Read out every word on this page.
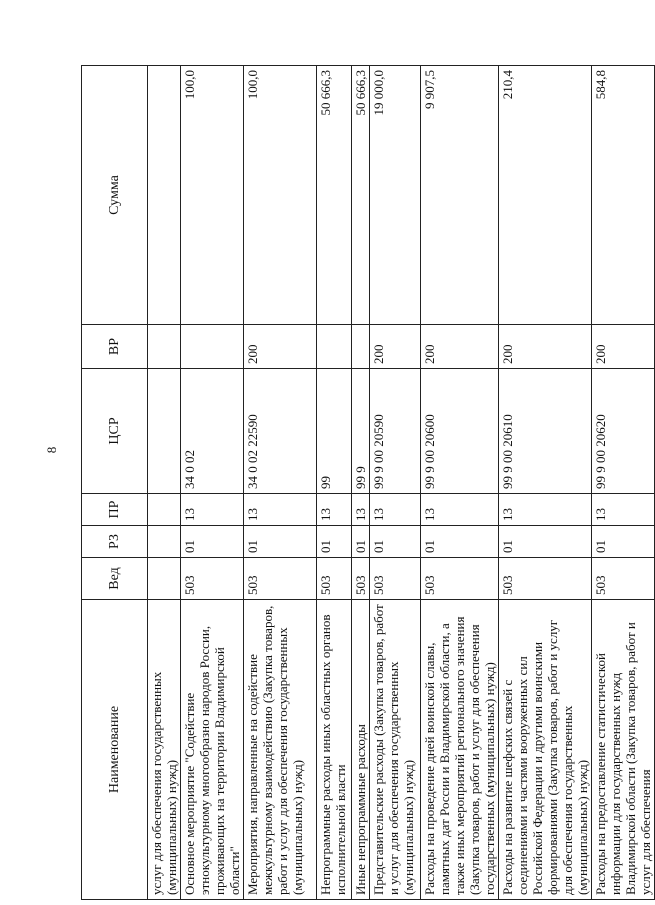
8
Наименование	Вед	РЗ	ПР	ЦСР	ВР	Сумма
услуг для обеспечения государственных (муниципальных) нужд)						
Основное мероприятие "Содействие этнокультурному многообразно народов России, проживающих на территории Владимирской области"	503	01	13	34 0 02		100,0
Мероприятия, направленные на содействие межкультурному взаимодействию (Закупка товаров, работ и услуг для обеспечения государственных (муниципальных) нужд)	503	01	13	34 0 02 22590	200	100,0
Непрограммные расходы иных областных органов исполнительной власти	503	01	13	99		50 666,3
Иные непрограммные расходы	503	01	13	99 9		50 666,3
Представительские расходы (Закупка товаров, работ и услуг для обеспечения государственных (муниципальных) нужд)	503	01	13	99 9 00 20590	200	19 000,0
Расходы на проведение дней воинской славы, памятных дат России и Владимирской области, а также иных мероприятий регионального значения (Закупка товаров, работ и услуг для обеспечения государственных (муниципальных) нужд)	503	01	13	99 9 00 20600	200	9 907,5
Расходы на развитие шефских связей с соединениями и частями вооруженных сил Российской Федерации и другими воинскими формированиями (Закупка товаров, работ и услуг для обеспечения государственных (муниципальных) нужд)	503	01	13	99 9 00 20610	200	210,4
Расходы на предоставление статистической информации для государственных нужд Владимирской области (Закупка товаров, работ и услуг для обеспечения	503	01	13	99 9 00 20620	200	584,8
